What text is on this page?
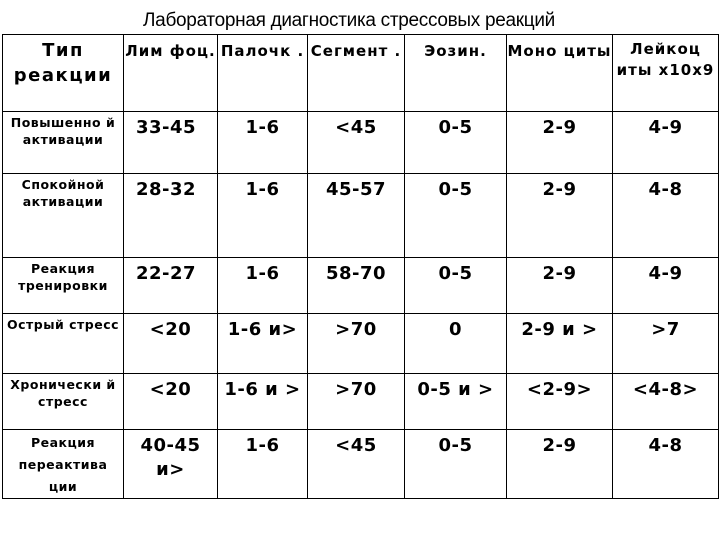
Лабораторная диагностика стрессовых реакций
Тип реакции	Лим фоц.	Палочк .	Сегмент .	Эозин.	Моно циты	Лейкоц иты х10х9

Повышенно й активации	33-45	1-6	<45	0-5	2-9	4-9

Спокойной активации	28-32	1-6	45-57	0-5	2-9	4-8

Реакция тренировки	22-27	1-6	58-70	0-5	2-9	4-9

Острый стресс	<20	1-6 и>	>70	0	2-9 и >	>7

Хронически й стресс	<20	1-6 и >	>70	0-5 и >	<2-9>	<4-8>

Реакция переактива ции	40-45 и>	1-6	<45	0-5	2-9	4-8
